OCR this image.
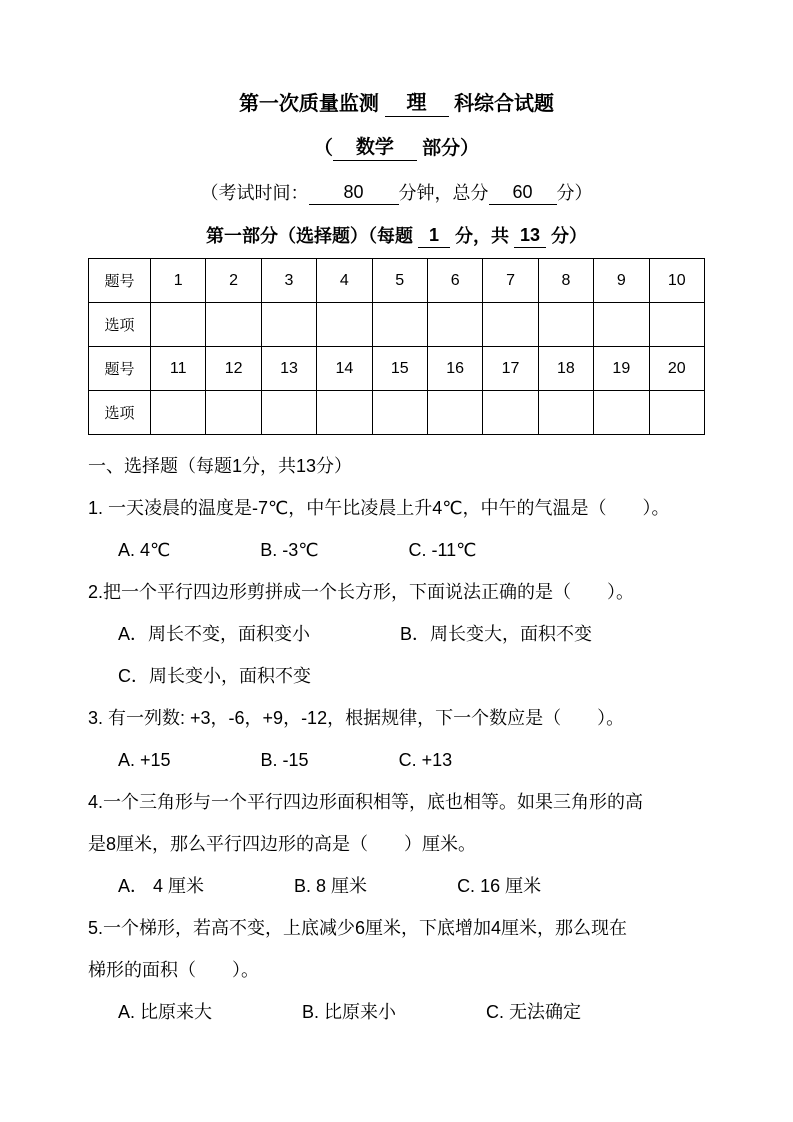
第一次质量监测 理 科综合试题
（ 数学 部分）
（考试时间： 80 分钟，总分 60 分）
第一部分（选择题）（每题 1 分，共 13 分）
题号	1	2	3	4	5	6	7	8	9	10
选项										
题号	11	12	13	14	15	16	17	18	19	20
选项										
一、选择题（每题1分，共13分）
1. 一天凌晨的温度是-7℃，中午比凌晨上升4℃，中午的气温是（　　）。
A. 4℃	B. -3℃	C. -11℃
2.把一个平行四边形剪拼成一个长方形，下面说法正确的是（　　）。
A．周长不变，面积变小	B．周长变大，面积不变
C．周长变小，面积不变
3. 有一列数: +3，-6，+9，-12，根据规律，下一个数应是（　　）。
A. +15	B. -15	C. +13
4.一个三角形与一个平行四边形面积相等，底也相等。如果三角形的高
是8厘米，那么平行四边形的高是（　　）厘米。
A． 4 厘米	B. 8 厘米	C. 16 厘米
5.一个梯形，若高不变，上底减少6厘米，下底增加4厘米，那么现在
梯形的面积（　　）。
A. 比原来大	B. 比原来小	C. 无法确定
